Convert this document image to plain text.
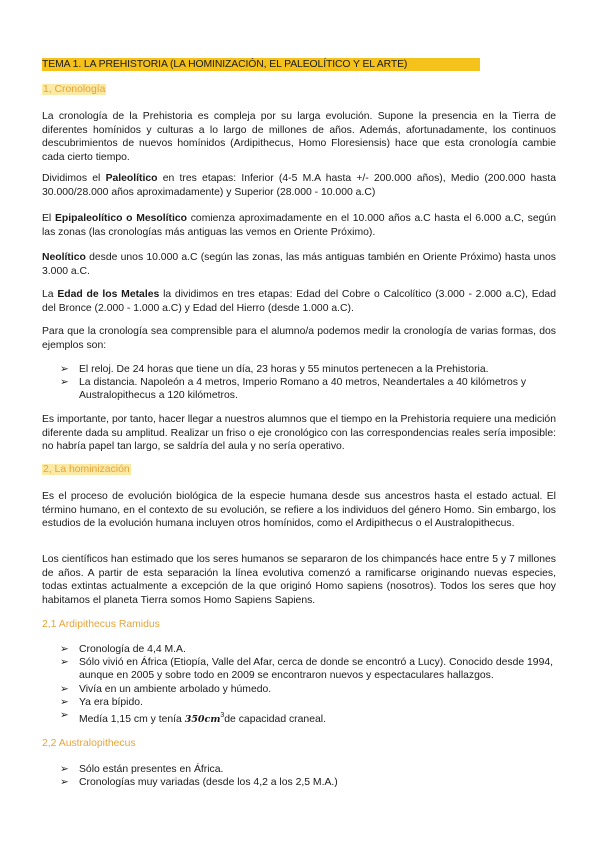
TEMA 1. LA PREHISTORIA (LA HOMINIZACIÓN, EL PALEOLÍTICO Y EL ARTE)
1, Cronología

La cronología de la Prehistoria es compleja por su larga evolución. Supone la presencia en la Tierra de diferentes homínidos y culturas a lo largo de millones de años. Además, afortunadamente, los continuos descubrimientos de nuevos homínidos (Ardipithecus, Homo Floresiensis) hace que esta cronología cambie cada cierto tiempo.

Dividimos el Paleolítico en tres etapas: Inferior (4-5 M.A hasta +/- 200.000 años), Medio (200.000 hasta 30.000/28.000 años aproximadamente) y Superior (28.000 - 10.000 a.C)

El Epipaleolítico o Mesolítico comienza aproximadamente en el 10.000 años a.C hasta el 6.000 a.C, según las zonas (las cronologías más antiguas las vemos en Oriente Próximo).

Neolítico desde unos 10.000 a.C (según las zonas, las más antiguas también en Oriente Próximo) hasta unos 3.000 a.C.

La Edad de los Metales la dividimos en tres etapas: Edad del Cobre o Calcolítico (3.000 - 2.000 a.C), Edad del Bronce (2.000 - 1.000 a.C) y Edad del Hierro (desde 1.000 a.C).

Para que la cronología sea comprensible para el alumno/a podemos medir la cronología de varias formas, dos ejemplos son:

➢ El reloj. De 24 horas que tiene un día, 23 horas y 55 minutos pertenecen a la Prehistoria.
➢ La distancia. Napoleón a 4 metros, Imperio Romano a 40 metros, Neandertales a 40 kilómetros y Australopithecus a 120 kilómetros.

Es importante, por tanto, hacer llegar a nuestros alumnos que el tiempo en la Prehistoria requiere una medición diferente dada su amplitud. Realizar un friso o eje cronológico con las correspondencias reales sería imposible: no habría papel tan largo, se saldría del aula y no sería operativo.

2, La hominización

Es el proceso de evolución biológica de la especie humana desde sus ancestros hasta el estado actual. El término humano, en el contexto de su evolución, se refiere a los individuos del género Homo. Sin embargo, los estudios de la evolución humana incluyen otros homínidos, como el Ardipithecus o el Australopithecus.

Los científicos han estimado que los seres humanos se separaron de los chimpancés hace entre 5 y 7 millones de años. A partir de esta separación la línea evolutiva comenzó a ramificarse originando nuevas especies, todas extintas actualmente a excepción de la que originó Homo sapiens (nosotros). Todos los seres que hoy habitamos el planeta Tierra somos Homo Sapiens Sapiens.

2,1 Ardipithecus Ramidus
➢ Cronología de 4,4 M.A.
➢ Sólo vivió en África (Etiopía, Valle del Afar, cerca de donde se encontró a Lucy). Conocido desde 1994, aunque en 2005 y sobre todo en 2009 se encontraron nuevos y espectaculares hallazgos.
➢ Vivía en un ambiente arbolado y húmedo.
➢ Ya era bípido.
➢ Medía 1,15 cm y tenía $350cm^3de$ capacidad craneal.
2,2 Australopithecus
➢ Sólo están presentes en África.
➢ Cronologías muy variadas (desde los 4,2 a los 2,5 M.A.)
